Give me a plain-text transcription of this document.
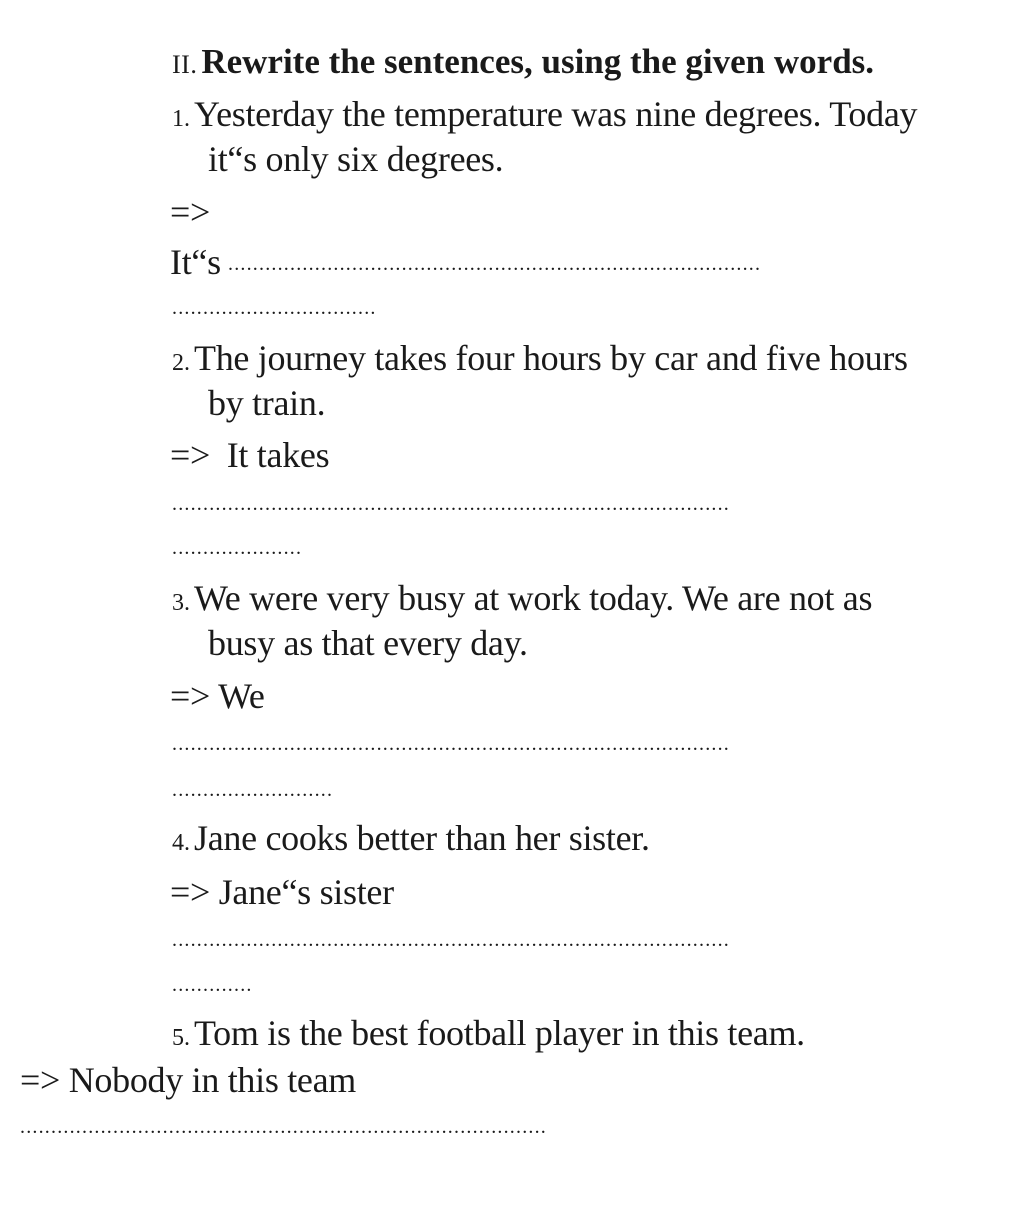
II. Rewrite the sentences, using the given words.
1. Yesterday the temperature was nine degrees. Today
it“s only six degrees.
=>
It“s ......................................................................................
.................................
2. The journey takes four hours by car and five hours
by train.
=> It takes
..........................................................................................
.....................
3. We were very busy at work today. We are not as
busy as that every day.
=> We
..........................................................................................
..........................
4. Jane cooks better than her sister.
=> Jane“s sister
..........................................................................................
.............
5. Tom is the best football player in this team.
=> Nobody in this team
.....................................................................................
